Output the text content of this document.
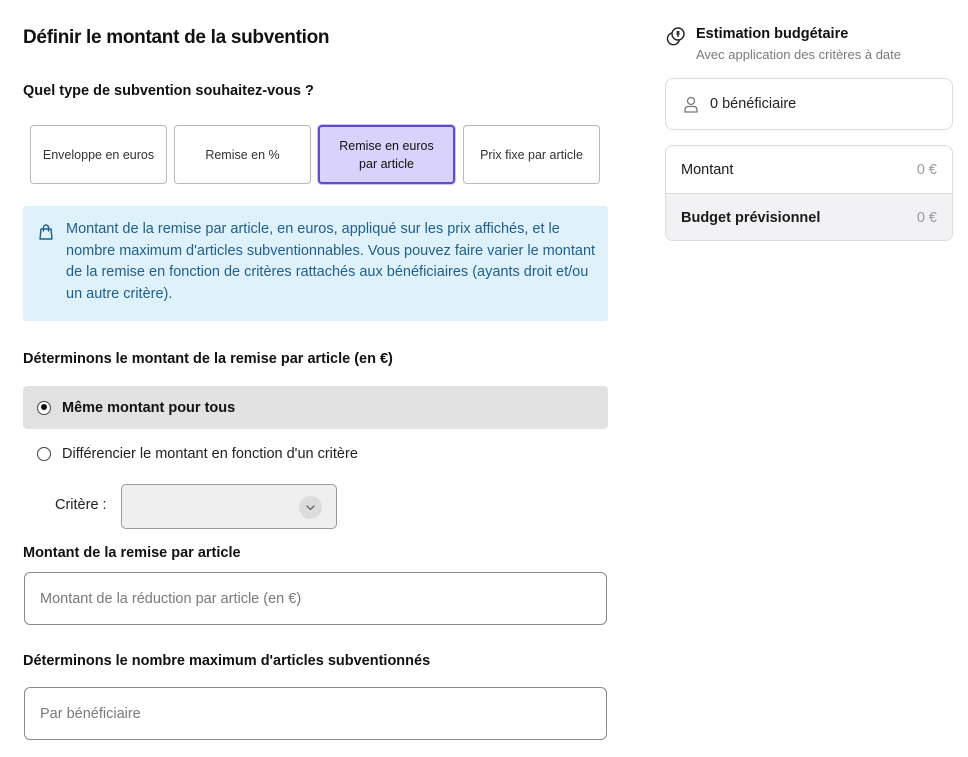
Définir le montant de la subvention
Quel type de subvention souhaitez-vous ?
Enveloppe en euros	Remise en %
Remise en euros par article
Prix fixe par article
Montant de la remise par article, en euros, appliqué sur les prix affichés, et le nombre maximum d'articles subventionnables. Vous pouvez faire varier le montant de la remise en fonction de critères rattachés aux bénéficiaires (ayants droit et/ou un autre critère).
Déterminons le montant de la remise par article (en €)
Même montant pour tous
Différencier le montant en fonction d'un critère
Critère :
Montant de la remise par article
Montant de la réduction par article (en €)
Déterminons le nombre maximum d'articles subventionnés
Par bénéficiaire
Estimation budgétaire
Avec application des critères à date
0 bénéficiaire
Montant	0 €
Budget prévisionnel	0 €
